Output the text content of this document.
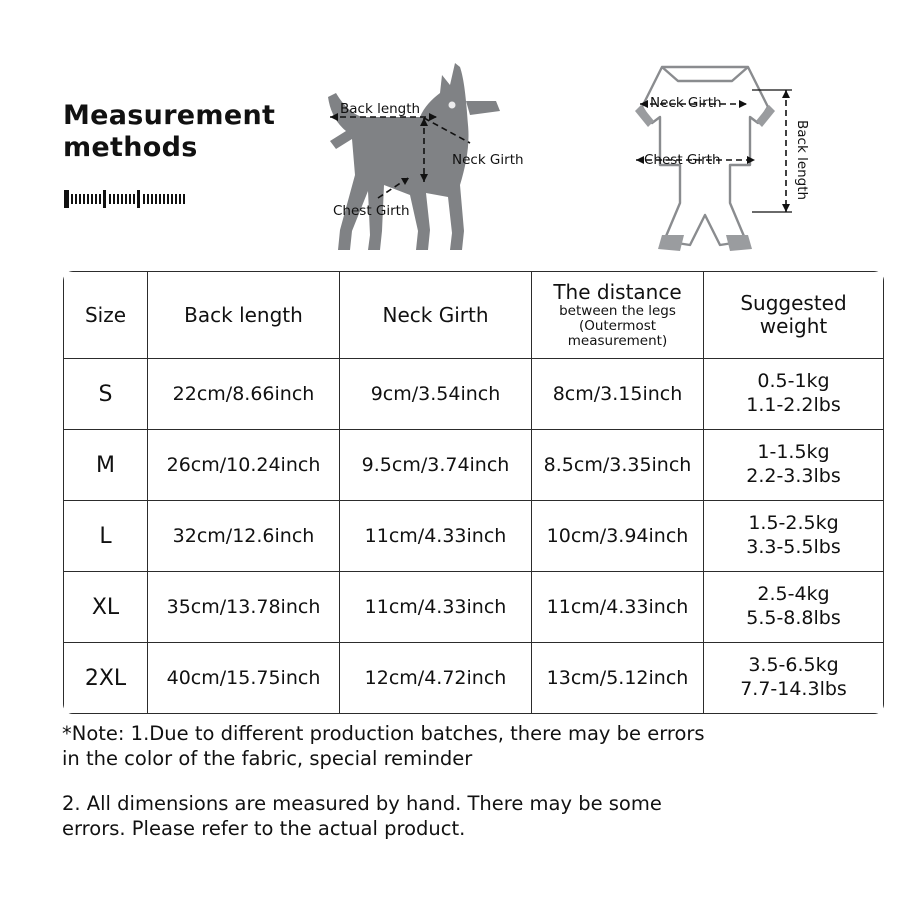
Measurement
methods
Back length
Neck Girth
Chest Girth
Neck Girth
Chest Girth	Back length
Size	Back length	Neck Girth	The distance
between the legs
(Outermost
measurement)	Suggested
weight
S	22cm/8.66inch	9cm/3.54inch	8cm/3.15inch	0.5-1kg
1.1-2.2lbs
M	26cm/10.24inch	9.5cm/3.74inch	8.5cm/3.35inch	1-1.5kg
2.2-3.3lbs
L	32cm/12.6inch	11cm/4.33inch	10cm/3.94inch	1.5-2.5kg
3.3-5.5lbs
XL	35cm/13.78inch	11cm/4.33inch	11cm/4.33inch	2.5-4kg
5.5-8.8lbs
2XL	40cm/15.75inch	12cm/4.72inch	13cm/5.12inch	3.5-6.5kg
7.7-14.3lbs

*Note: 1.Due to different production batches, there may be errors
in the color of the fabric, special reminder

2. All dimensions are measured by hand. There may be some
errors. Please refer to the actual product.
